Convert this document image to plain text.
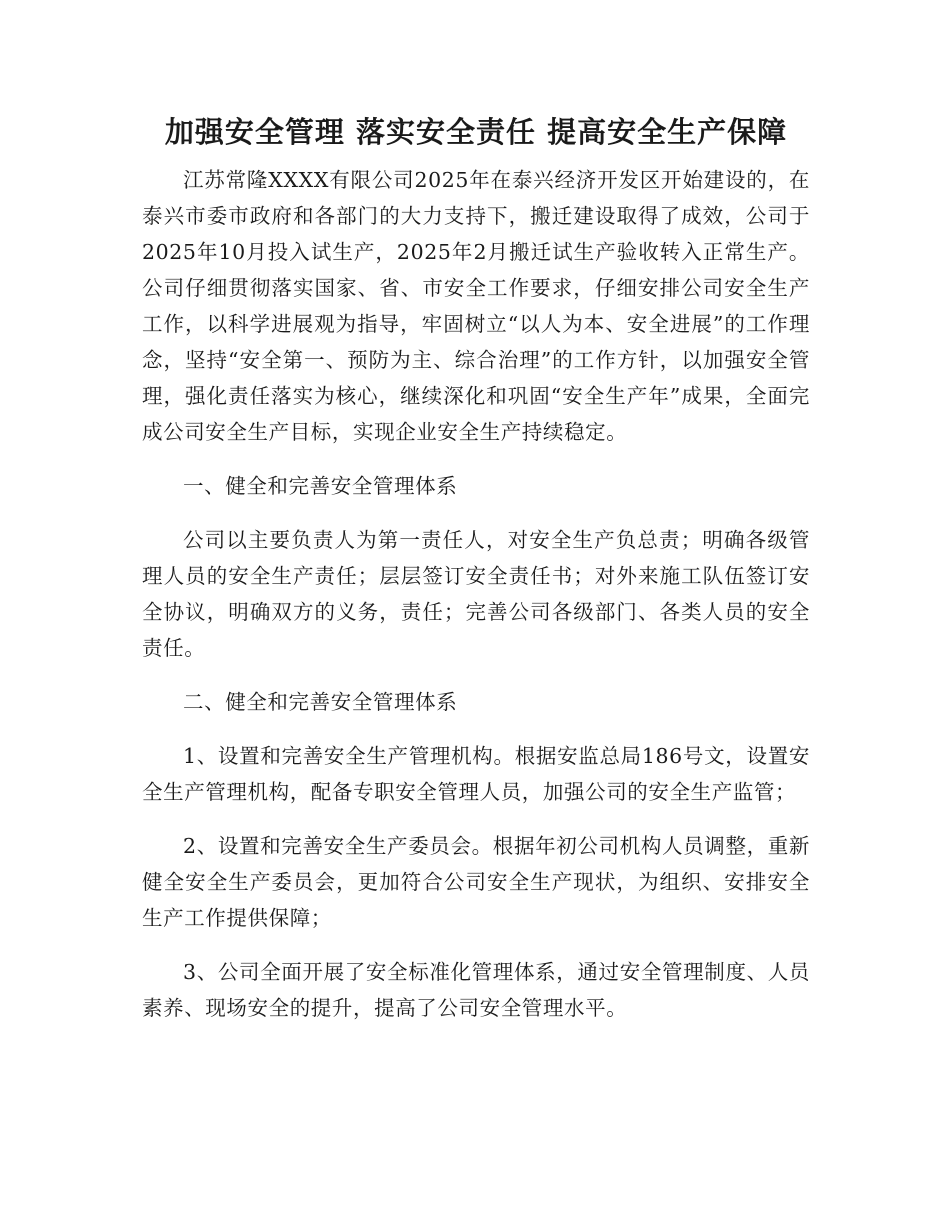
加强安全管理 落实安全责任 提高安全生产保障

江苏常隆XXXX有限公司2025年在泰兴经济开发区开始建设的，在泰兴市委市政府和各部门的大力支持下，搬迁建设取得了成效，公司于2025年10月投入试生产，2025年2月搬迁试生产验收转入正常生产。公司仔细贯彻落实国家、省、市安全工作要求，仔细安排公司安全生产工作，以科学进展观为指导，牢固树立“以人为本、安全进展”的工作理念，坚持“安全第一、预防为主、综合治理”的工作方针，以加强安全管理，强化责任落实为核心，继续深化和巩固“安全生产年”成果，全面完成公司安全生产目标，实现企业安全生产持续稳定。

一、健全和完善安全管理体系

公司以主要负责人为第一责任人，对安全生产负总责；明确各级管理人员的安全生产责任；层层签订安全责任书；对外来施工队伍签订安全协议，明确双方的义务，责任；完善公司各级部门、各类人员的安全责任。

二、健全和完善安全管理体系

1、设置和完善安全生产管理机构。根据安监总局186号文，设置安全生产管理机构，配备专职安全管理人员，加强公司的安全生产监管；

2、设置和完善安全生产委员会。根据年初公司机构人员调整，重新健全安全生产委员会，更加符合公司安全生产现状，为组织、安排安全生产工作提供保障；

3、公司全面开展了安全标准化管理体系，通过安全管理制度、人员素养、现场安全的提升，提高了公司安全管理水平。
